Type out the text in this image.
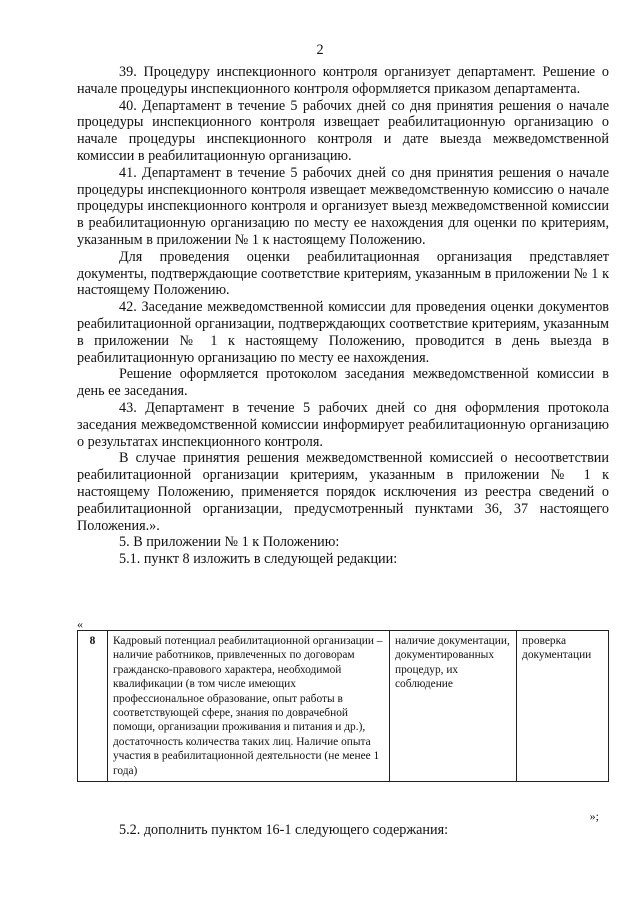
2

39. Процедуру инспекционного контроля организует департамент. Решение о начале процедуры инспекционного контроля оформляется приказом департамента.

40. Департамент в течение 5 рабочих дней со дня принятия решения о начале процедуры инспекционного контроля извещает реабилитационную организацию о начале процедуры инспекционного контроля и дате выезда межведомственной комиссии в реабилитационную организацию.

41. Департамент в течение 5 рабочих дней со дня принятия решения о начале процедуры инспекционного контроля извещает межведомственную комиссию о начале процедуры инспекционного контроля и организует выезд межведомственной комиссии в реабилитационную организацию по месту ее нахождения для оценки по критериям, указанным в приложении № 1 к настоящему Положению.

Для проведения оценки реабилитационная организация представляет документы, подтверждающие соответствие критериям, указанным в приложении № 1 к настоящему Положению.

42. Заседание межведомственной комиссии для проведения оценки документов реабилитационной организации, подтверждающих соответствие критериям, указанным в приложении № 1 к настоящему Положению, проводится в день выезда в реабилитационную организацию по месту ее нахождения.

Решение оформляется протоколом заседания межведомственной комиссии в день ее заседания.

43. Департамент в течение 5 рабочих дней со дня оформления протокола заседания межведомственной комиссии информирует реабилитационную организацию о результатах инспекционного контроля.

В случае принятия решения межведомственной комиссией о несоответствии реабилитационной организации критериям, указанным в приложении № 1 к настоящему Положению, применяется порядок исключения из реестра сведений о реабилитационной организации, предусмотренный пунктами 36, 37 настоящего Положения.».

5. В приложении № 1 к Положению:

5.1. пункт 8 изложить в следующей редакции:

«
8	Кадровый потенциал реабилитационной организации – наличие работников, привлеченных по договорам гражданско-правового характера, необходимой квалификации (в том числе имеющих профессиональное образование, опыт работы в соответствующей сфере, знания по доврачебной помощи, организации проживания и питания и др.), достаточность количества таких лиц. Наличие опыта участия в реабилитационной деятельности (не менее 1 года)	наличие документации, документированных процедур, их соблюдение	проверка документации
»;
5.2. дополнить пунктом 16-1 следующего содержания:
